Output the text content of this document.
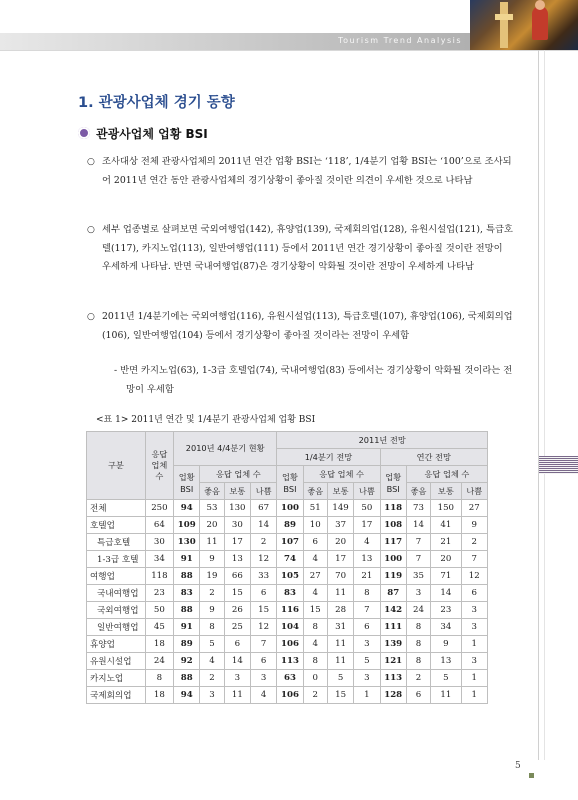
Tourism Trend Analysis
1. 관광사업체 경기 동향
관광사업체 업황 BSI
○ 조사대상 전체 관광사업체의 2011년 연간 업황 BSI는 ‘118’, 1/4분기 업황 BSI는 ‘100’으로 조사되어 2011년 연간 동안 관광사업체의 경기상황이 좋아질 것이란 의견이 우세한 것으로 나타남
○ 세부 업종별로 살펴보면 국외여행업(142), 휴양업(139), 국제회의업(128), 유원시설업(121), 특급호텔(117), 카지노업(113), 일반여행업(111) 등에서 2011년 연간 경기상황이 좋아질 것이란 전망이 우세하게 나타남. 반면 국내여행업(87)은 경기상황이 악화될 것이란 전망이 우세하게 나타남
○ 2011년 1/4분기에는 국외여행업(116), 유원시설업(113), 특급호텔(107), 휴양업(106), 국제회의업(106), 일반여행업(104) 등에서 경기상황이 좋아질 것이라는 전망이 우세함
- 반면 카지노업(63), 1-3급 호텔업(74), 국내여행업(83) 등에서는 경기상황이 악화될 것이라는 전망이 우세함
<표 1> 2011년 연간 및 1/4분기 관광사업체 업황 BSI
구분	응답 업체 수	2010년 4/4분기 현황				2011년 전망							
						1/4분기 전망				연간 전망			
		업황 BSI	응답 업체 수			업황 BSI	응답 업체 수			업황 BSI	응답 업체 수		
			좋음	보통	나쁨		좋음	보통	나쁨		좋음	보통	나쁨
전체	250	94	53	130	67	100	51	149	50	118	73	150	27
호텔업	64	109	20	30	14	89	10	37	17	108	14	41	9
특급호텔	30	130	11	17	2	107	6	20	4	117	7	21	2
1-3급 호텔	34	91	9	13	12	74	4	17	13	100	7	20	7
여행업	118	88	19	66	33	105	27	70	21	119	35	71	12
국내여행업	23	83	2	15	6	83	4	11	8	87	3	14	6
국외여행업	50	88	9	26	15	116	15	28	7	142	24	23	3
일반여행업	45	91	8	25	12	104	8	31	6	111	8	34	3
휴양업	18	89	5	6	7	106	4	11	3	139	8	9	1
유원시설업	24	92	4	14	6	113	8	11	5	121	8	13	3
카지노업	8	88	2	3	3	63	0	5	3	113	2	5	1
국제회의업	18	94	3	11	4	106	2	15	1	128	6	11	1
5
